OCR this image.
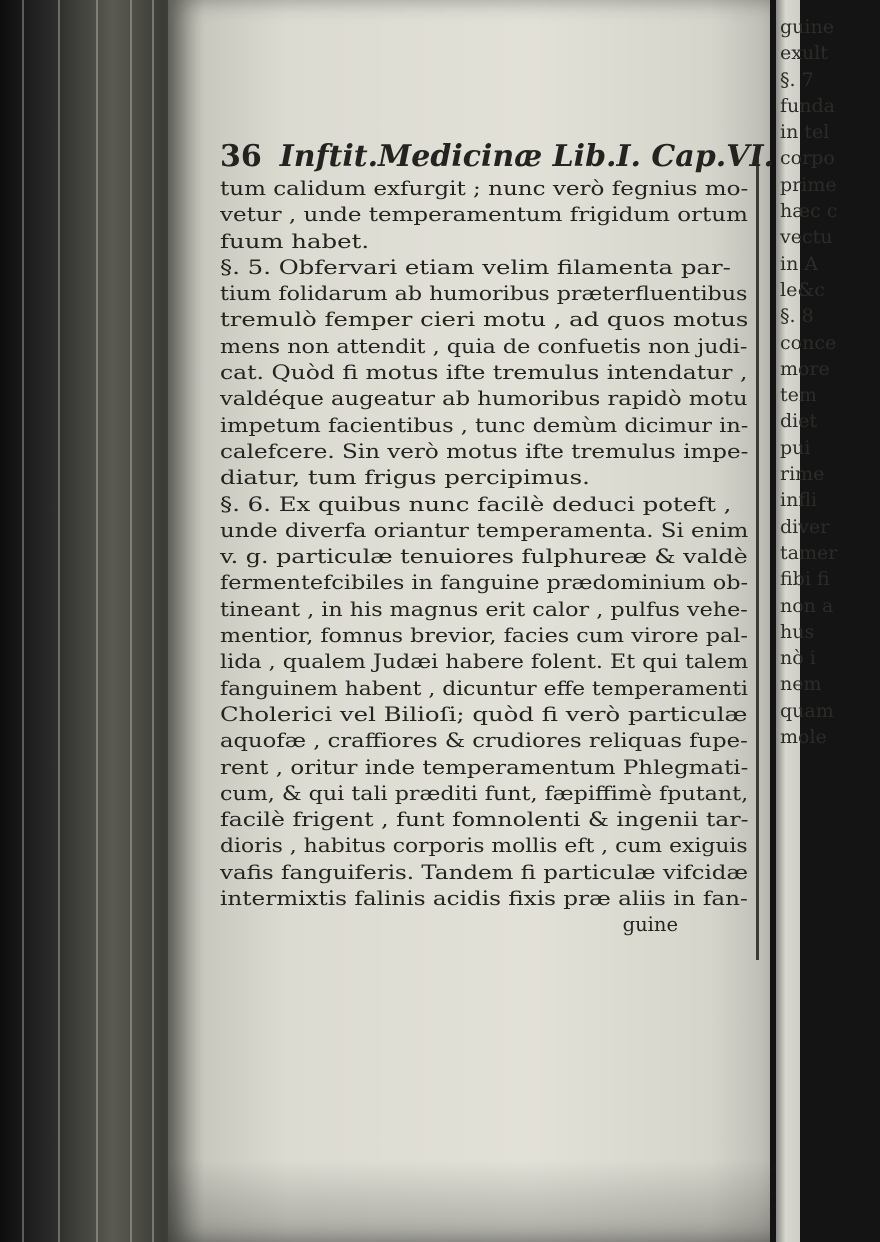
guine
exult
§. 7
funda
in tel
corpo
prime
hæc c
vectu
in A
le&c
§. 8
conce
more
tem
diet
pui
rime
infli
diver
tamer
fibi fi
non a
hus
nò i
nem
quam
mole
36 Inftit.Medicinæ Lib.I. Cap.VI.
tum calidum exfurgit ; nunc verò fegnius mo-
vetur , unde temperamentum frigidum ortum
fuum habet.
§. 5. Obfervari etiam velim filamenta par-
tium folidarum ab humoribus præterfluentibus
tremulò femper cieri motu , ad quos motus
mens non attendit , quia de confuetis non judi-
cat. Quòd fi motus ifte tremulus intendatur ,
valdéque augeatur ab humoribus rapidò motu
impetum facientibus , tunc demùm dicimur in-
calefcere. Sin verò motus ifte tremulus impe-
diatur, tum frigus percipimus.
§. 6. Ex quibus nunc facilè deduci poteft ,
unde diverfa oriantur temperamenta. Si enim
v. g. particulæ tenuiores fulphureæ & valdè
fermentefcibiles in fanguine prædominium ob-
tineant , in his magnus erit calor , pulfus vehe-
mentior, fomnus brevior, facies cum virore pal-
lida , qualem Judæi habere folent. Et qui talem
fanguinem habent , dicuntur effe temperamenti
Cholerici vel Bilioſi; quòd fi verò particulæ
aquofæ , craffiores & crudiores reliquas fupe-
rent , oritur inde temperamentum Phlegmati-
cum, & qui tali præditi funt, fæpiffimè fputant,
facilè frigent , funt fomnolenti & ingenii tar-
dioris , habitus corporis mollis eft , cum exiguis
vafis fanguiferis. Tandem fi particulæ vifcidæ
intermixtis falinis acidis fixis præ aliis in fan-
guine
